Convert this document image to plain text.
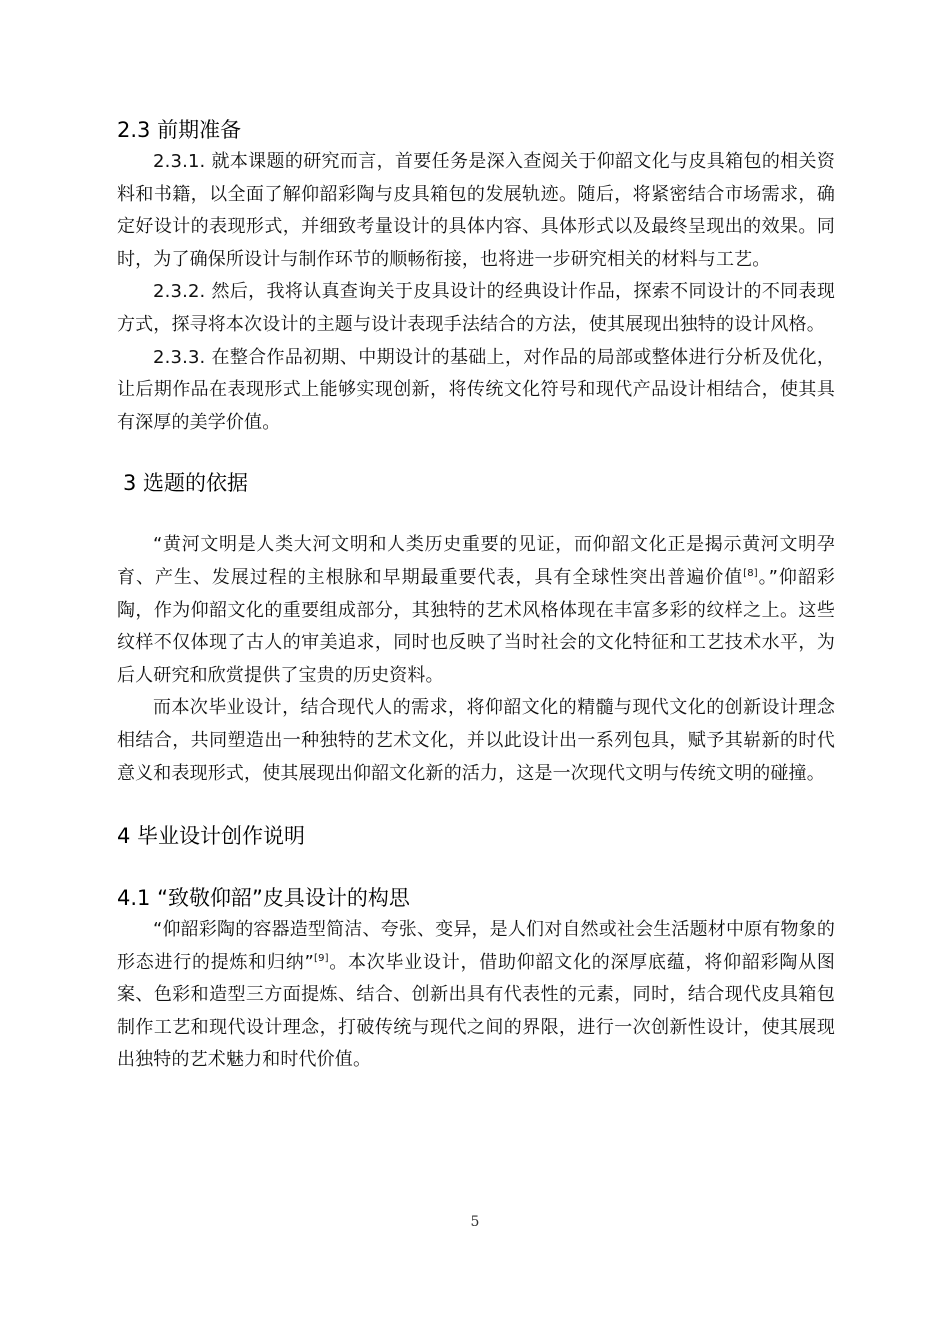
2.3 前期准备

2.3.1. 就本课题的研究而言，首要任务是深入查阅关于仰韶文化与皮具箱包的相关资料和书籍，以全面了解仰韶彩陶与皮具箱包的发展轨迹。随后，将紧密结合市场需求，确定好设计的表现形式，并细致考量设计的具体内容、具体形式以及最终呈现出的效果。同时，为了确保所设计与制作环节的顺畅衔接，也将进一步研究相关的材料与工艺。

2.3.2. 然后，我将认真查询关于皮具设计的经典设计作品，探索不同设计的不同表现方式，探寻将本次设计的主题与设计表现手法结合的方法，使其展现出独特的设计风格。

2.3.3. 在整合作品初期、中期设计的基础上，对作品的局部或整体进行分析及优化，让后期作品在表现形式上能够实现创新，将传统文化符号和现代产品设计相结合，使其具有深厚的美学价值。

3 选题的依据

“黄河文明是人类大河文明和人类历史重要的见证，而仰韶文化正是揭示黄河文明孕育、产生、发展过程的主根脉和早期最重要代表，具有全球性突出普遍价值[8]。”仰韶彩陶，作为仰韶文化的重要组成部分，其独特的艺术风格体现在丰富多彩的纹样之上。这些纹样不仅体现了古人的审美追求，同时也反映了当时社会的文化特征和工艺技术水平，为后人研究和欣赏提供了宝贵的历史资料。

而本次毕业设计，结合现代人的需求，将仰韶文化的精髓与现代文化的创新设计理念相结合，共同塑造出一种独特的艺术文化，并以此设计出一系列包具，赋予其崭新的时代意义和表现形式，使其展现出仰韶文化新的活力，这是一次现代文明与传统文明的碰撞。

4 毕业设计创作说明
4.1 “致敬仰韶”皮具设计的构思

“仰韶彩陶的容器造型简洁、夸张、变异，是人们对自然或社会生活题材中原有物象的形态进行的提炼和归纳”[9]。本次毕业设计，借助仰韶文化的深厚底蕴，将仰韶彩陶从图案、色彩和造型三方面提炼、结合、创新出具有代表性的元素，同时，结合现代皮具箱包制作工艺和现代设计理念，打破传统与现代之间的界限，进行一次创新性设计，使其展现出独特的艺术魅力和时代价值。

5
